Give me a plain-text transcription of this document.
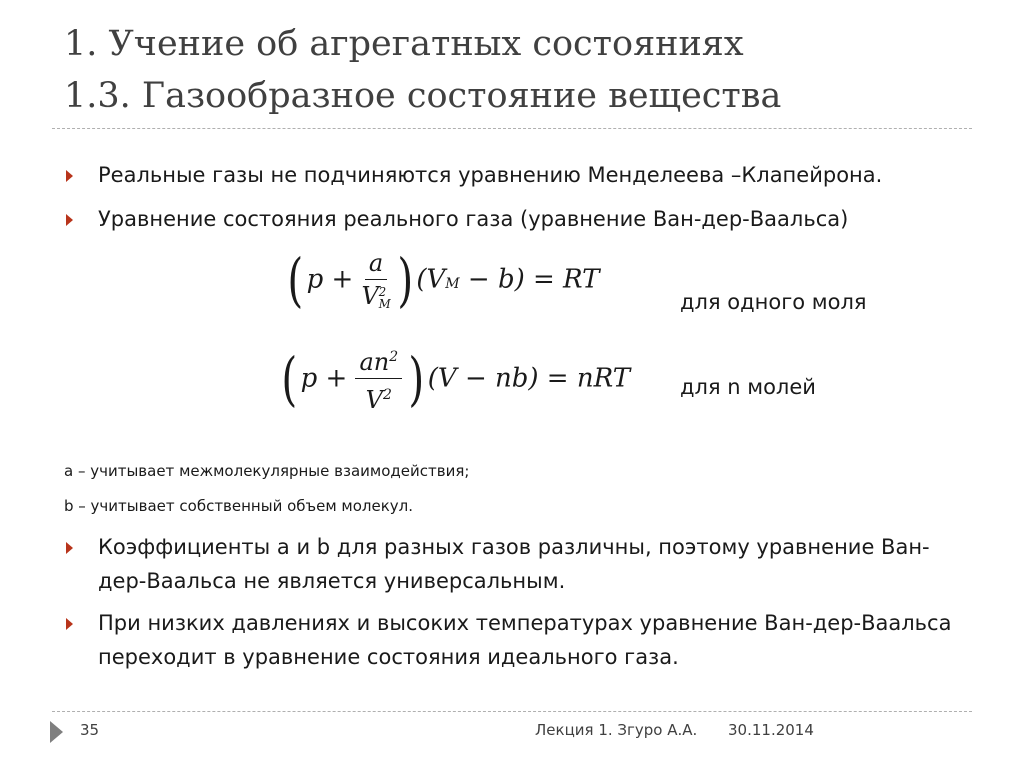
1. Учение об агрегатных состояниях
1.3. Газообразное состояние вещества
Реальные газы не подчиняются уравнению Менделеева –Клапейрона.
Уравнение состояния реального газа (уравнение Ван-дер-Ваальса)
( p + a
V 2
M ) $(V_M - b)$ = RT
для одного моля
( $p + \frac{an^2}{V^2}$ ) (V − nb) = nRT для n молей
а – учитывает межмолекулярные взаимодействия;
b – учитывает собственный объем молекул.
Коэффициенты а и b для разных газов различны, поэтому уравнение Ван-дер-Ваальса не является универсальным.
При низких давлениях и высоких температурах уравнение Ван-дер-Ваальса переходит в уравнение состояния идеального газа.
35	Лекция 1. Згуро А.А. 30.11.2014
